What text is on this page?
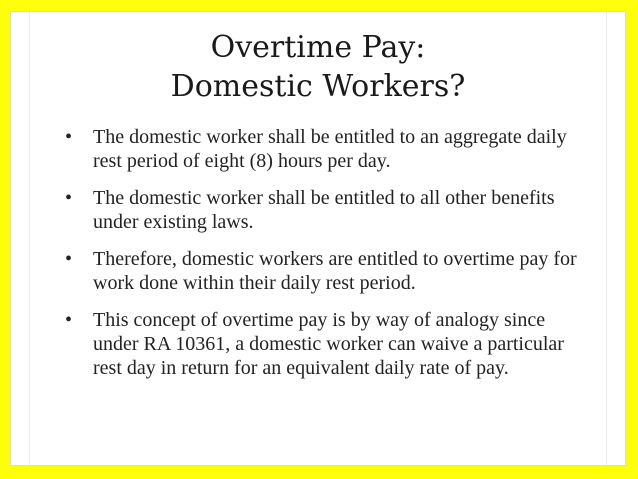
Overtime Pay:
Domestic Workers?
• The domestic worker shall be entitled to an aggregate daily rest period of eight (8) hours per day.
• The domestic worker shall be entitled to all other benefits under existing laws.
• Therefore, domestic workers are entitled to overtime pay for work done within their daily rest period.
• This concept of overtime pay is by way of analogy since under RA 10361, a domestic worker can waive a particular rest day in return for an equivalent daily rate of pay.
